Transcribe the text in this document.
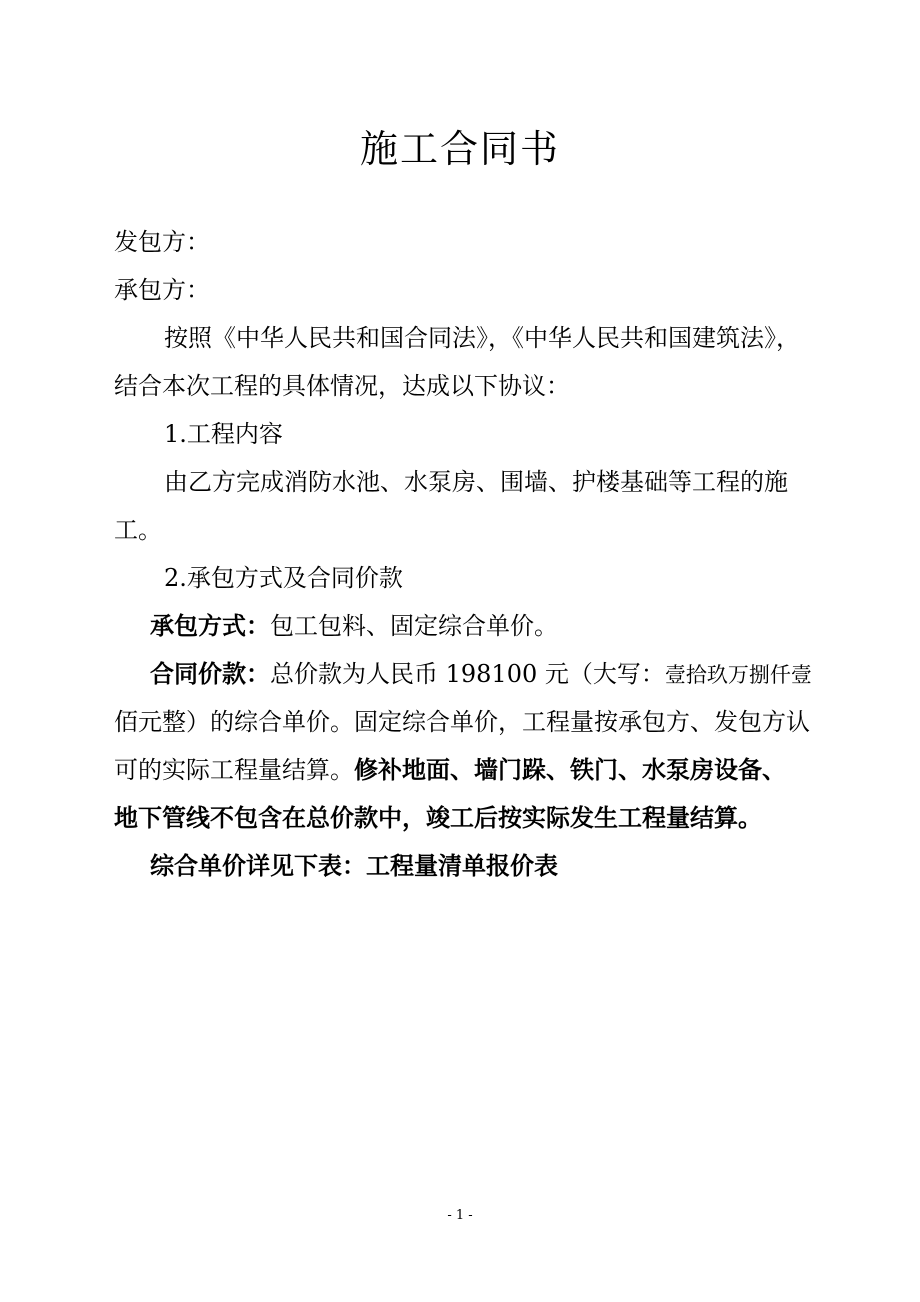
施工合同书
发包方：
承包方：
按照《中华人民共和国合同法》，《中华人民共和国建筑法》，
结合本次工程的具体情况，达成以下协议：
1.工程内容
由乙方完成消防水池、水泵房、围墙、护楼基础等工程的施
工。
2.承包方式及合同价款
承包方式：包工包料、固定综合单价。
合同价款：总价款为人民币 198100 元（大写：壹拾玖万捌仟壹
佰元整）的综合单价。固定综合单价，工程量按承包方、发包方认
可的实际工程量结算。修补地面、墙门跺、铁门、水泵房设备、
地下管线不包含在总价款中，竣工后按实际发生工程量结算。
综合单价详见下表：工程量清单报价表
- 1 -
